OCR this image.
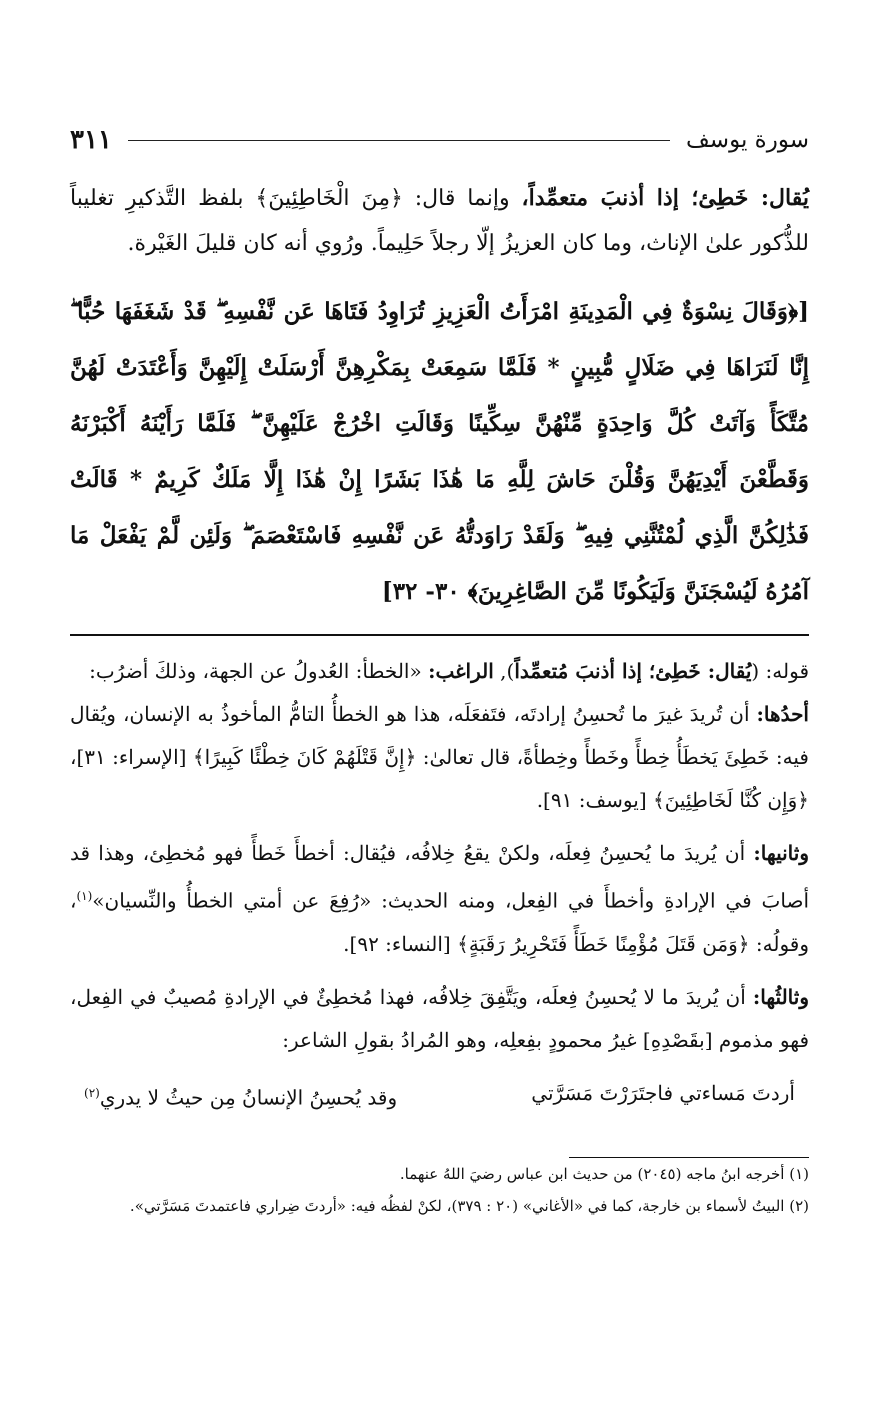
سورة يوسف
٣١١

يُقال: خَطِئ؛ إذا أذنبَ متعمِّداً، وإنما قال: ﴿مِنَ الْخَاطِئِينَ﴾ بلفظ التَّذكيرِ تغليباً للذُّكور علىٰ الإناث، وما كان العزيزُ إلّا رجلاً حَلِيماً. ورُوي أنه كان قليلَ الغَيْرة.

[﴿وَقَالَ نِسْوَةٌ فِي الْمَدِينَةِ امْرَأَتُ الْعَزِيزِ تُرَاوِدُ فَتَاهَا عَن نَّفْسِهِ ۖ قَدْ شَغَفَهَا حُبًّا ۖ إِنَّا لَنَرَاهَا فِي ضَلَالٍ مُّبِينٍ * فَلَمَّا سَمِعَتْ بِمَكْرِهِنَّ أَرْسَلَتْ إِلَيْهِنَّ وَأَعْتَدَتْ لَهُنَّ مُتَّكَأً وَآتَتْ كُلَّ وَاحِدَةٍ مِّنْهُنَّ سِكِّينًا وَقَالَتِ اخْرُجْ عَلَيْهِنَّ ۖ فَلَمَّا رَأَيْنَهُ أَكْبَرْنَهُ وَقَطَّعْنَ أَيْدِيَهُنَّ وَقُلْنَ حَاشَ لِلَّهِ مَا هَٰذَا بَشَرًا إِنْ هَٰذَا إِلَّا مَلَكٌ كَرِيمٌ * قَالَتْ فَذَٰلِكُنَّ الَّذِي لُمْتُنَّنِي فِيهِ ۖ وَلَقَدْ رَاوَدتُّهُ عَن نَّفْسِهِ فَاسْتَعْصَمَ ۖ وَلَئِن لَّمْ يَفْعَلْ مَا آمُرُهُ لَيُسْجَنَنَّ وَلَيَكُونًا مِّنَ الصَّاغِرِينَ﴾ ٣٠- ٣٢]

قوله: (يُقال: خَطِئ؛ إذا أذنبَ مُتعمِّداً), الراغب: «الخطأ: العُدولُ عن الجهة، وذلكَ أضرُب:

أحدُها: أن تُريدَ غيرَ ما تُحسِنُ إرادتَه، فتَفعَلَه، هذا هو الخطأُ التامُّ المأخوذُ به الإنسان، ويُقال فيه: خَطِئَ يَخطَأُ خِطأً وخَطأً وخِطأةً، قال تعالىٰ: ﴿إِنَّ قَتْلَهُمْ كَانَ خِطْئًا كَبِيرًا﴾ [الإسراء: ٣١]، ﴿وَإِن كُنَّا لَخَاطِئِينَ﴾ [يوسف: ٩١].

وثانيها: أن يُريدَ ما يُحسِنُ فِعلَه، ولكنْ يقعُ خِلافُه، فيُقال: أخطأَ خَطأً فهو مُخطِئ، وهذا قد أصابَ في الإرادةِ وأخطأَ في الفِعل، ومنه الحديث: «رُفِعَ عن أمتي الخطأُ والنِّسيان»$^{(١)}$، وقولُه: ﴿وَمَن قَتَلَ مُؤْمِنًا خَطَأً فَتَحْرِيرُ رَقَبَةٍ﴾ [النساء: ٩٢].

وثالثُها: أن يُريدَ ما لا يُحسِنُ فِعلَه، ويَتَّفِقَ خِلافُه، فهذا مُخطِئٌ في الإرادةِ مُصيبٌ في الفِعل، فهو مذموم [بقَصْدِهِ] غيرُ محمودٍ بفِعلِه، وهو المُرادُ بقولِ الشاعر:

أردتَ مَساءتي فاجتَرَرْتَ مَسَرَّتي
وقد يُحسِنُ الإنسانُ مِن حيثُ لا يدري$^{(٢)}$

(١) أخرجه ابنُ ماجه (٢٠٤٥) من حديث ابن عباس رضيَ اللهُ عنهما.

(٢) البيتُ لأسماء بن خارجة، كما في «الأغاني» (٢٠ : ٣٧٩)، لكنْ لفظُه فيه: «أردتَ ضِراري فاعتمدتَ مَسَرَّتي».
